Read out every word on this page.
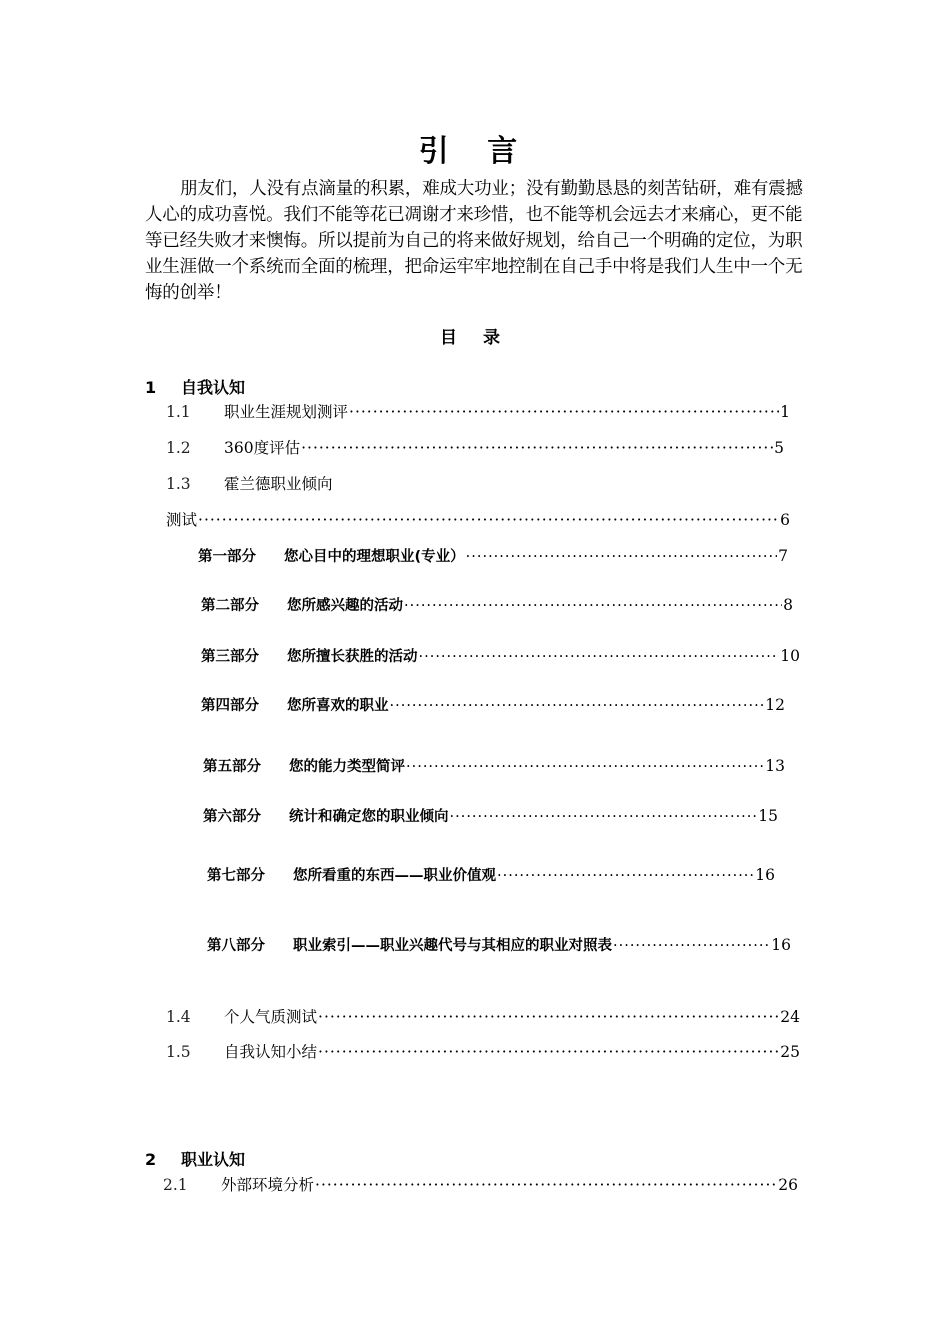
引 言
朋友们，人没有点滴量的积累，难成大功业；没有勤勤恳恳的刻苦钻研，难有震撼人心的成功喜悦。我们不能等花已凋谢才来珍惜，也不能等机会远去才来痛心，更不能等已经失败才来懊悔。所以提前为自己的将来做好规划，给自己一个明确的定位，为职业生涯做一个系统而全面的梳理，把命运牢牢地控制在自己手中将是我们人生中一个无悔的创举！
目 录
1 自我认知
1.1	职业生涯规划测评 ·····	1
1.2	360度评估 ·····	5
1.3	霍兰德职业倾向
测试 ·····	6
第一部分	您心目中的理想职业(专业） ·····	7
第二部分	您所感兴趣的活动 ·····	8
第三部分	您所擅长获胜的活动 ·····	10
第四部分	您所喜欢的职业 ·····	12
第五部分	您的能力类型简评 ·····	13
第六部分	统计和确定您的职业倾向 ·····	15
第七部分	您所看重的东西——职业价值观 ·····	16
第八部分	职业索引——职业兴趣代号与其相应的职业对照表 ·····	16
1.4	个人气质测试 ·····	24
1.5	自我认知小结 ·····	25
2 职业认知
2.1	外部环境分析 ·····	26
